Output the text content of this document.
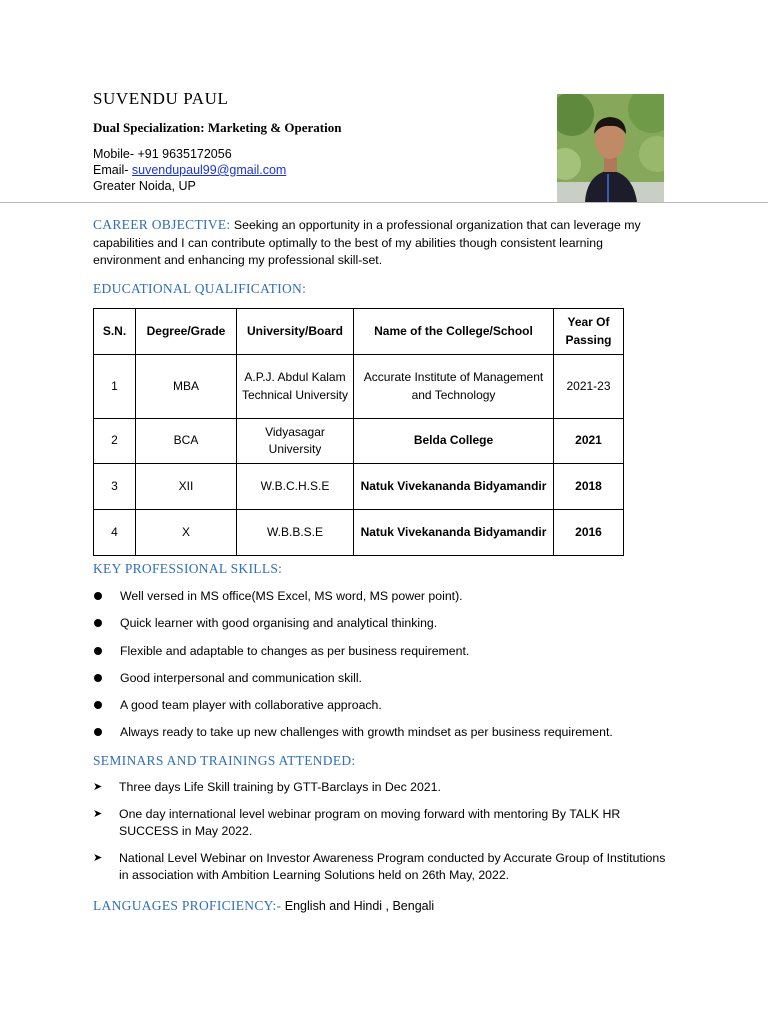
SUVENDU PAUL
Dual Specialization: Marketing & Operation
Mobile- +91 9635172056
Email- suvendupaul99@gmail.com
Greater Noida, UP
CAREER OBJECTIVE: Seeking an opportunity in a professional organization that can leverage my capabilities and I can contribute optimally to the best of my abilities though consistent learning environment and enhancing my professional skill-set.
EDUCATIONAL QUALIFICATION:
S.N.	Degree/Grade	University/Board	Name of the College/School	Year Of Passing
1	MBA	A.P.J. Abdul Kalam Technical University	Accurate Institute of Management and Technology	2021-23
2	BCA	Vidyasagar University	Belda College	2021
3	XII	W.B.C.H.S.E	Natuk Vivekananda Bidyamandir	2018
4	X	W.B.B.S.E	Natuk Vivekananda Bidyamandir	2016
KEY PROFESSIONAL SKILLS:
Well versed in MS office(MS Excel, MS word, MS power point).
Quick learner with good organising and analytical thinking.
Flexible and adaptable to changes as per business requirement.
Good interpersonal and communication skill.
A good team player with collaborative approach.
Always ready to take up new challenges with growth mindset as per business requirement.
SEMINARS AND TRAININGS ATTENDED:
➤ Three days Life Skill training by GTT-Barclays in Dec 2021.
➤ One day international level webinar program on moving forward with mentoring By TALK HR SUCCESS in May 2022.
➤ National Level Webinar on Investor Awareness Program conducted by Accurate Group of Institutions in association with Ambition Learning Solutions held on 26th May, 2022.
LANGUAGES PROFICIENCY:- English and Hindi , Bengali
